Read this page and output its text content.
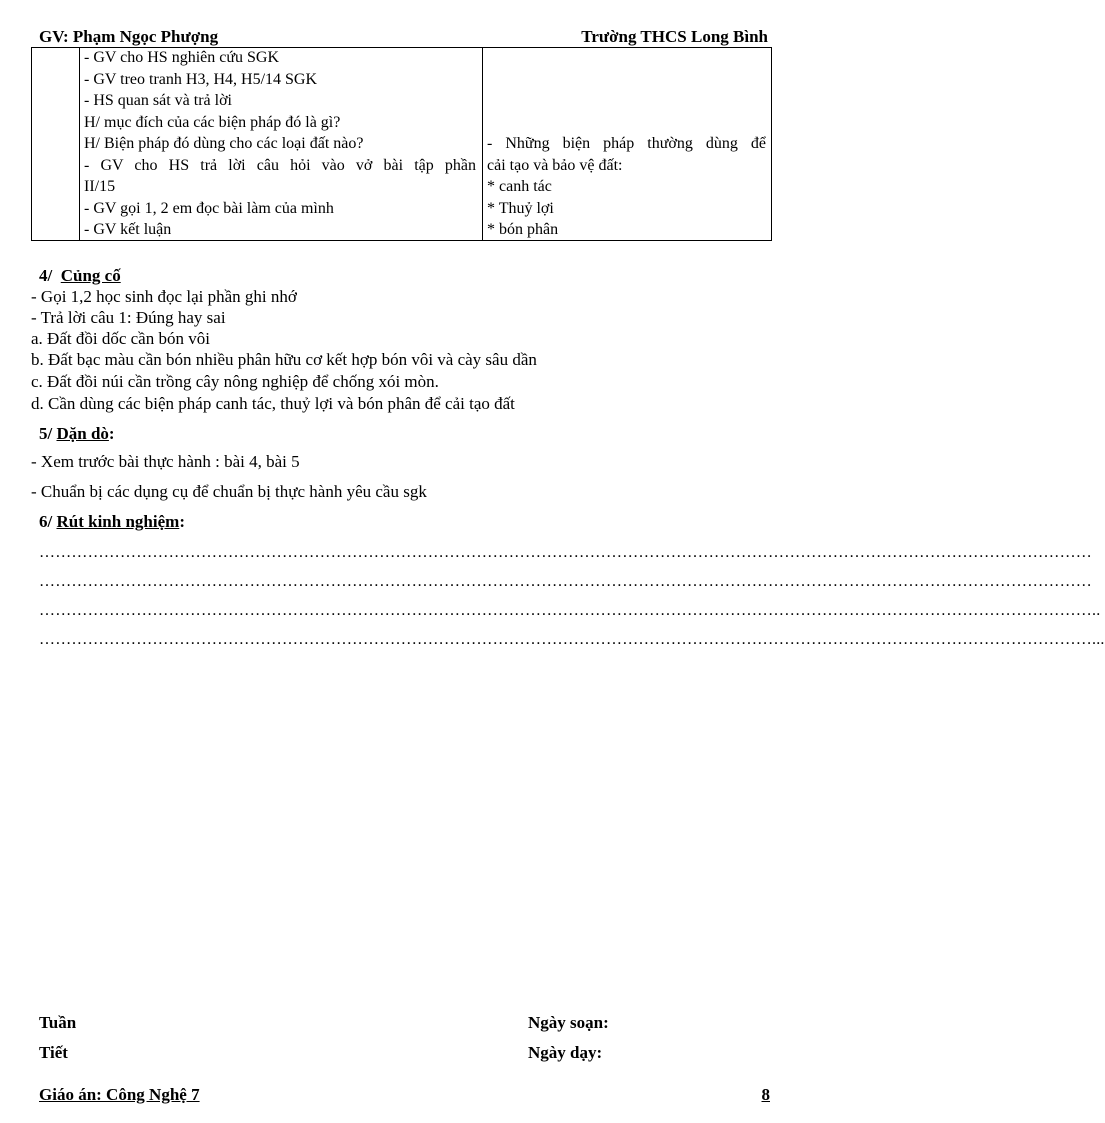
GV: Phạm Ngọc Phượng	Trường THCS Long Bình
- GV cho HS nghiên cứu SGK
- GV treo tranh H3, H4, H5/14 SGK
- HS quan sát và trả lời
H/ mục đích của các biện pháp đó là gì?
H/ Biện pháp đó dùng cho các loại đất nào?
- GV cho HS trả lời câu hỏi vào vở bài tập phần
II/15
- GV gọi 1, 2 em đọc bài làm của mình
- GV kết luận
- Những biện pháp thường dùng để
cải tạo và bảo vệ đất:
* canh tác
* Thuỷ lợi
* bón phân
4/ Củng cố
- Gọi 1,2 học sinh đọc lại phần ghi nhớ
- Trả lời câu 1: Đúng hay sai
a. Đất đồi dốc cần bón vôi
b. Đất bạc màu cần bón nhiều phân hữu cơ kết hợp bón vôi và cày sâu dần
c. Đất đồi núi cần trồng cây nông nghiệp để chống xói mòn.
d. Cần dùng các biện pháp canh tác, thuỷ lợi và bón phân để cải tạo đất
5/ Dặn dò:
- Xem trước bài thực hành : bài 4, bài 5
- Chuẩn bị các dụng cụ để chuẩn bị thực hành yêu cầu sgk
6/ Rút kinh nghiệm:
……………………………………………………………………………………………………………………………………………………………………………
……………………………………………………………………………………………………………………………………………………………………………
……………………………………………………………………………………………………………………………………………………………………………..
……………………………………………………………………………………………………………………………………………………………………………...
Tuần
Tiết
Ngày soạn:
Ngày dạy:
Giáo án: Công Nghệ 7	8
